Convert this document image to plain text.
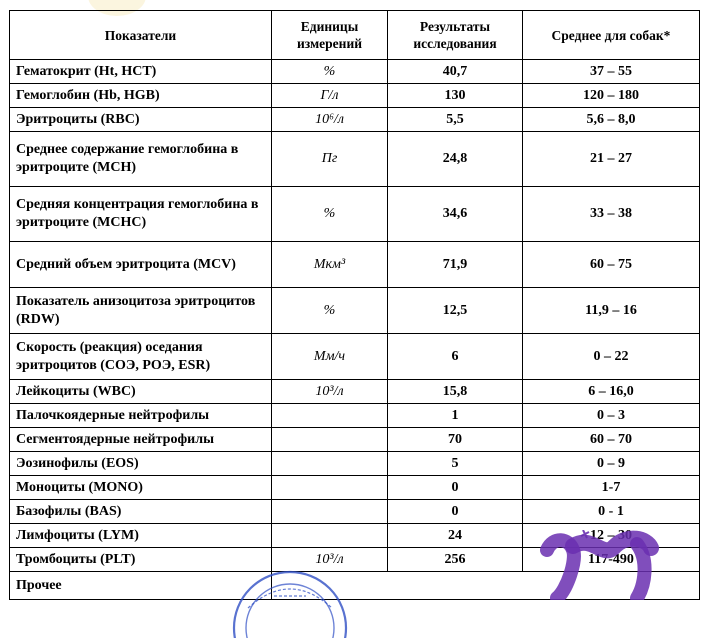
Показатели	Единицы измерений	Результаты исследования	Среднее для собак*
Гематокрит (Ht, HCT)	%	40,7	37 – 55
Гемоглобин (Hb, HGB)	Г/л	130	120 – 180
Эритроциты (RBC)	10⁶/л	5,5	5,6 – 8,0
Среднее содержание гемоглобина в эритроците (MCH)	Пг	24,8	21 – 27
Средняя концентрация гемоглобина в эритроците (MCHC)	%	34,6	33 – 38
Средний объем эритроцита (MCV)	Мкм³	71,9	60 – 75
Показатель анизоцитоза эритроцитов (RDW)	%	12,5	11,9 – 16
Скорость (реакция) оседания эритроцитов (СОЭ, РОЭ, ESR)	Мм/ч	6	0 – 22
Лейкоциты (WBC)	10³/л	15,8	6 – 16,0
Палочкоядерные нейтрофилы		1	0 – 3
Сегментоядерные нейтрофилы		70	60 – 70
Эозинофилы (EOS)		5	0 – 9
Моноциты (MONO)		0	1-7
Базофилы (BAS)		0	0 - 1
Лимфоциты (LYM)		24	12 – 30
Тромбоциты (PLT)	10³/л	256	117-490
Прочее			
